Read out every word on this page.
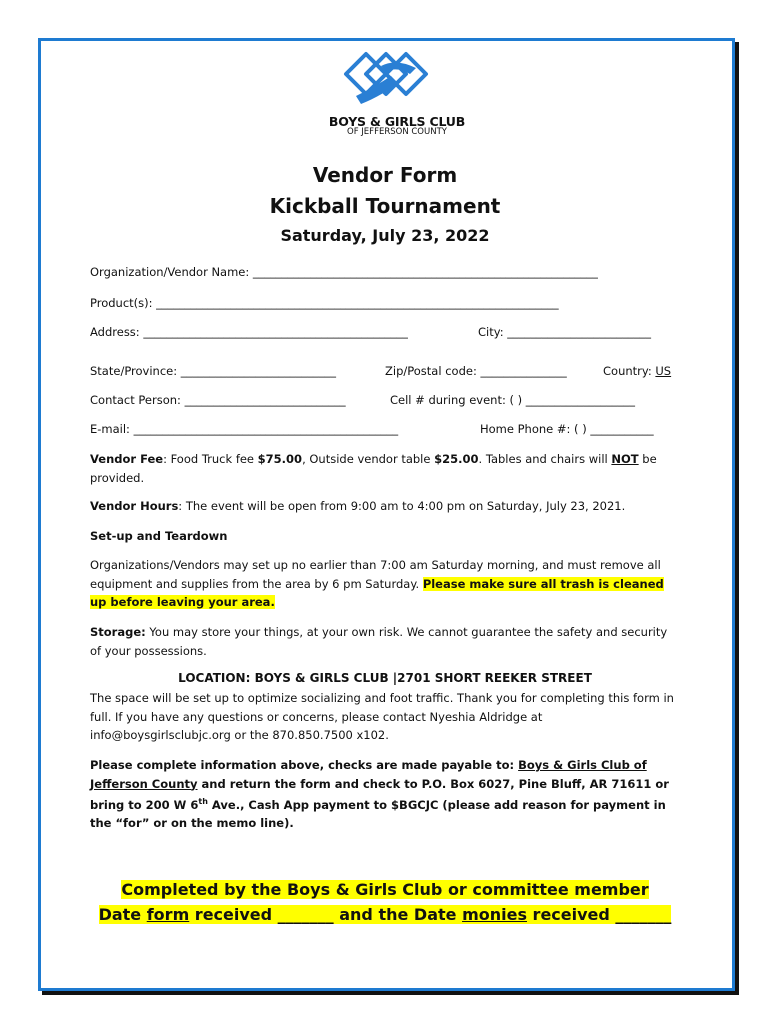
BOYS & GIRLS CLUB
OF JEFFERSON COUNTY
Vendor Form
Kickball Tournament
Saturday, July 23, 2022
Organization/Vendor Name: ____________________________________________________________
Product(s): ______________________________________________________________________
Address: ______________________________________________	City: _________________________
State/Province: ___________________________	Zip/Postal code: _______________	Country: US
Contact Person: ____________________________	Cell # during event: ( ) ___________________
E-mail: ______________________________________________	Home Phone #: ( ) ___________
Vendor Fee: Food Truck fee $75.00, Outside vendor table $25.00. Tables and chairs will NOT be provided.
Vendor Hours: The event will be open from 9:00 am to 4:00 pm on Saturday, July 23, 2021.
Set-up and Teardown
Organizations/Vendors may set up no earlier than 7:00 am Saturday morning, and must remove all equipment and supplies from the area by 6 pm Saturday. Please make sure all trash is cleaned up before leaving your area.
Storage: You may store your things, at your own risk. We cannot guarantee the safety and security of your possessions.
LOCATION: BOYS & GIRLS CLUB |2701 SHORT REEKER STREET
The space will be set up to optimize socializing and foot traffic. Thank you for completing this form in full. If you have any questions or concerns, please contact Nyeshia Aldridge at info@boysgirlsclubjc.org or the 870.850.7500 x102.
Please complete information above, checks are made payable to: Boys & Girls Club of Jefferson County and return the form and check to P.O. Box 6027, Pine Bluff, AR 71611 or bring to 200 W 6th Ave., Cash App payment to $BGCJC (please add reason for payment in the “for” or on the memo line).
Completed by the Boys & Girls Club or committee member
Date form received _______ and the Date monies received _______
